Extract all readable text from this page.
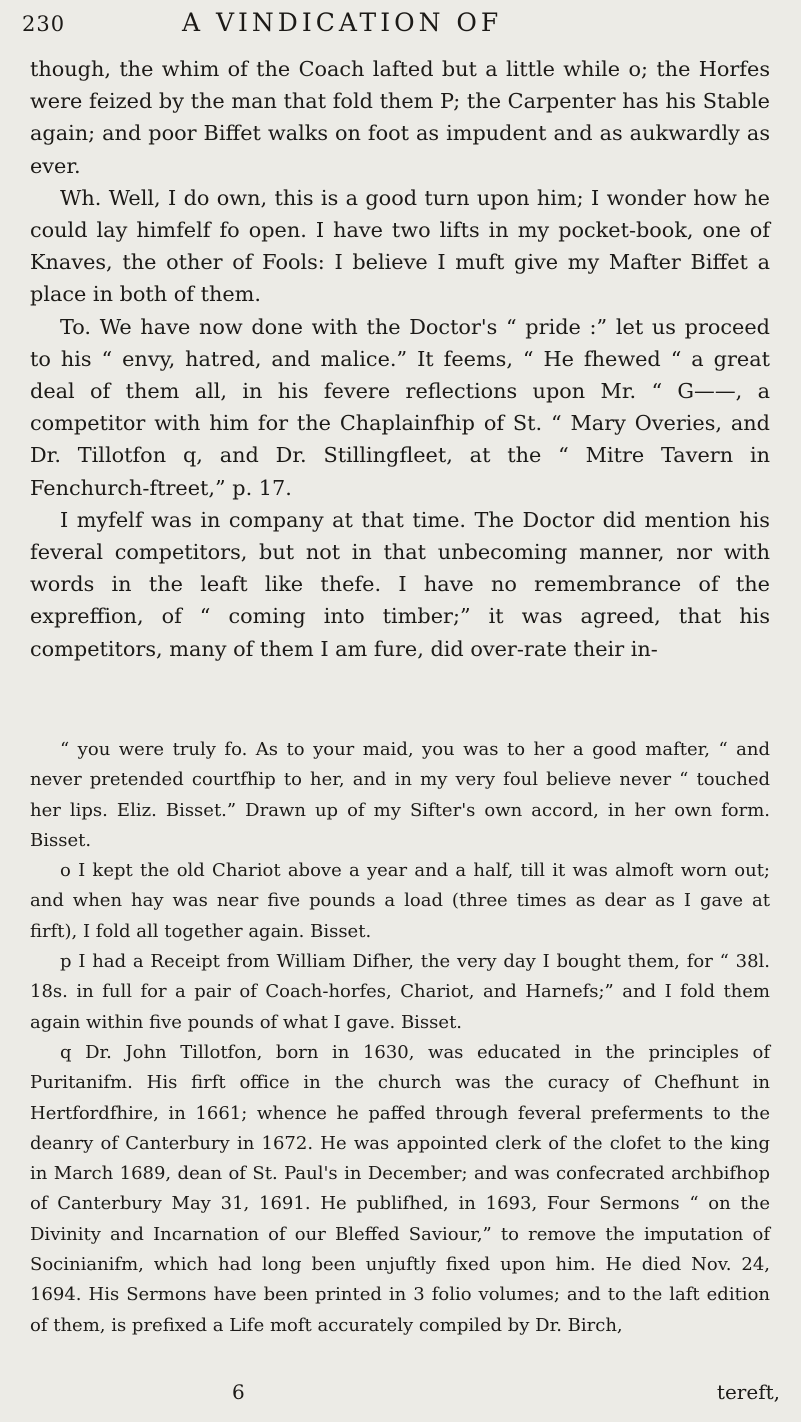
230	A VINDICATION OF

though, the whim of the Coach lafted but a little while o; the Horfes were feized by the man that fold them P; the Carpenter has his Stable again; and poor Biffet walks on foot as impudent and as aukwardly as ever.

Wh. Well, I do own, this is a good turn upon him; I wonder how he could lay himfelf fo open. I have two lifts in my pocket-book, one of Knaves, the other of Fools: I believe I muft give my Mafter Biffet a place in both of them.

To. We have now done with the Doctor's “ pride :” let us proceed to his “ envy, hatred, and malice.” It feems, “ He fhewed “ a great deal of them all, in his fevere reflections upon Mr. “ G——, a competitor with him for the Chaplainfhip of St. “ Mary Overies, and Dr. Tillotfon q, and Dr. Stillingfleet, at the “ Mitre Tavern in Fenchurch-ftreet,” p. 17.

I myfelf was in company at that time. The Doctor did mention his feveral competitors, but not in that unbecoming manner, nor with words in the leaft like thefe. I have no remembrance of the expreffion, of “ coming into timber;” it was agreed, that his competitors, many of them I am fure, did over-rate their in-

“ you were truly fo. As to your maid, you was to her a good mafter, “ and never pretended courtfhip to her, and in my very foul believe never “ touched her lips. Eliz. Bisset.” Drawn up of my Sifter's own accord, in her own form. Bisset.

o I kept the old Chariot above a year and a half, till it was almoft worn out; and when hay was near five pounds a load (three times as dear as I gave at firft), I fold all together again. Bisset.

p I had a Receipt from William Difher, the very day I bought them, for “ 38l. 18s. in full for a pair of Coach-horfes, Chariot, and Harnefs;” and I fold them again within five pounds of what I gave. Bisset.

q Dr. John Tillotfon, born in 1630, was educated in the principles of Puritanifm. His firft office in the church was the curacy of Chefhunt in Hertfordfhire, in 1661; whence he paffed through feveral preferments to the deanry of Canterbury in 1672. He was appointed clerk of the clofet to the king in March 1689, dean of St. Paul's in December; and was confecrated archbifhop of Canterbury May 31, 1691. He publifhed, in 1693, Four Sermons “ on the Divinity and Incarnation of our Bleffed Saviour,” to remove the imputation of Socinianifm, which had long been unjuftly fixed upon him. He died Nov. 24, 1694. His Sermons have been printed in 3 folio volumes; and to the laft edition of them, is prefixed a Life moft accurately compiled by Dr. Birch,

6	tereft,
